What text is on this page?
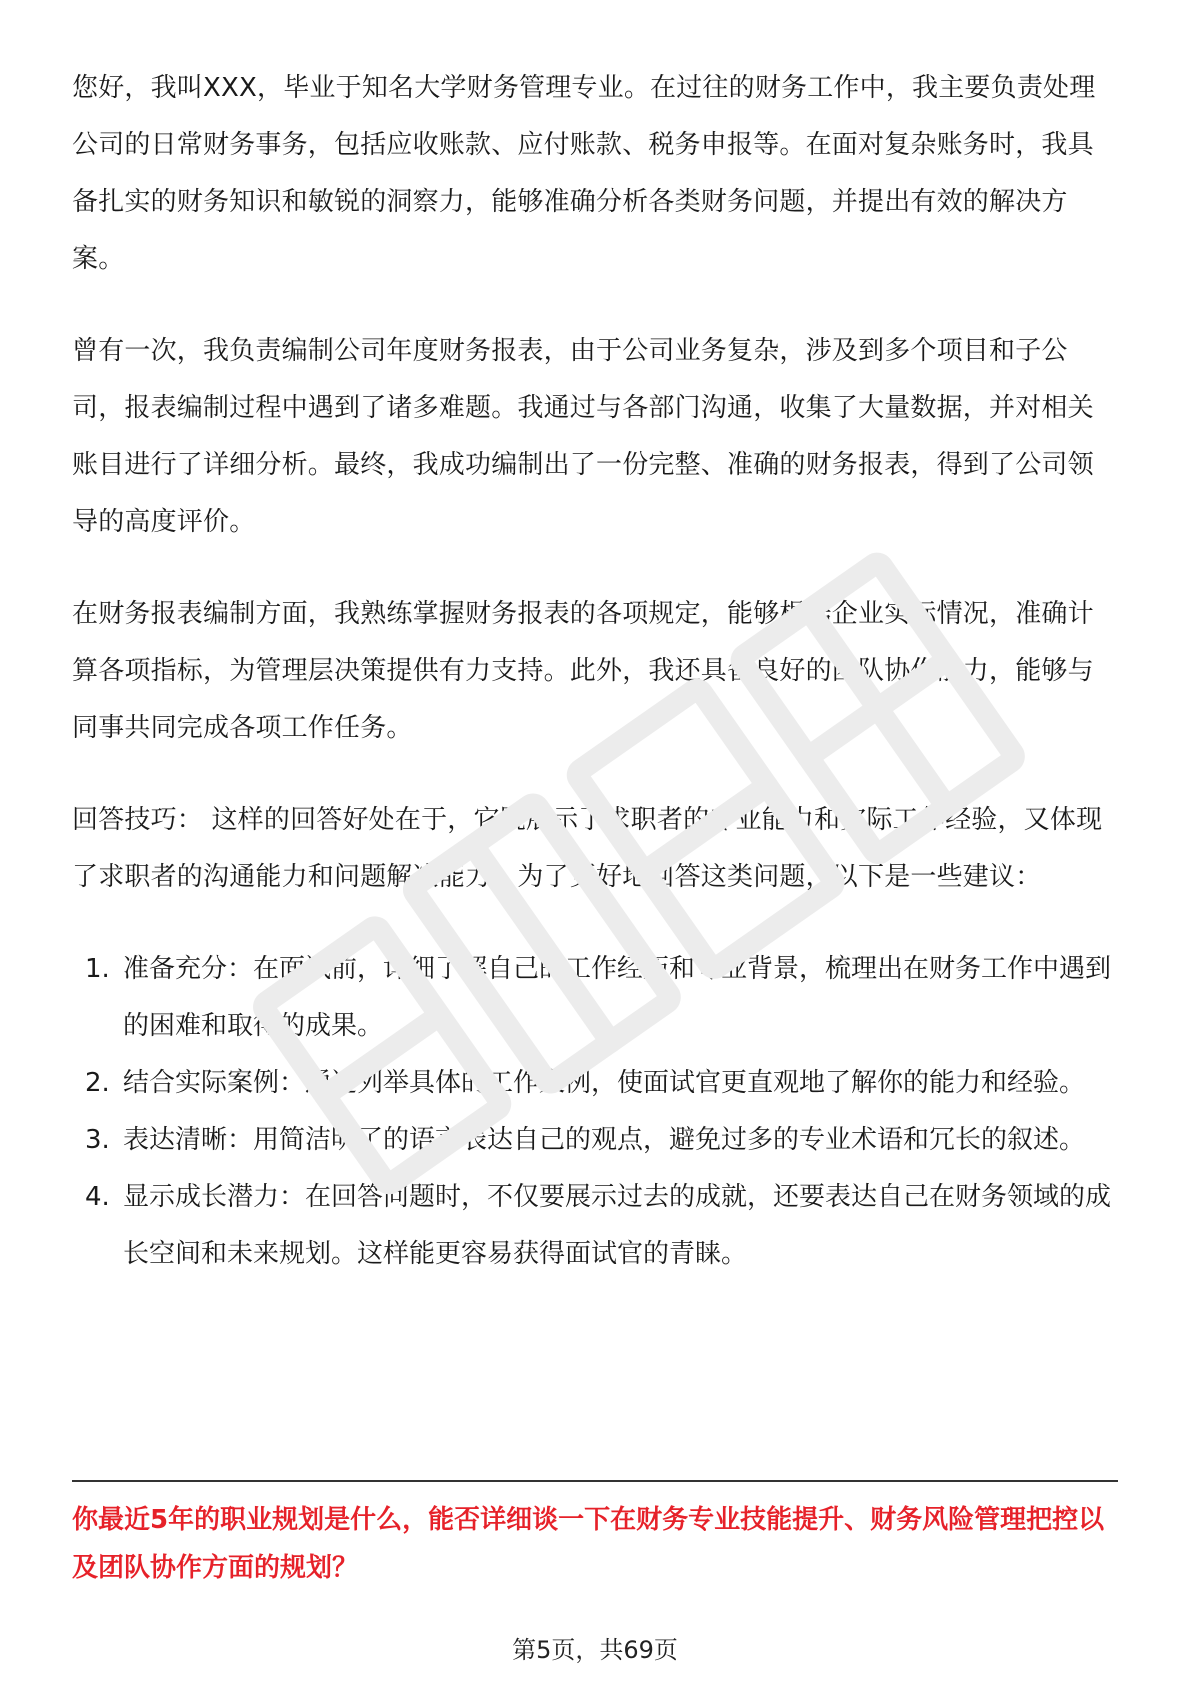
您好，我叫XXX，毕业于知名大学财务管理专业。在过往的财务工作中，我主要负责处理公司的日常财务事务，包括应收账款、应付账款、税务申报等。在面对复杂账务时，我具备扎实的财务知识和敏锐的洞察力，能够准确分析各类财务问题，并提出有效的解决方案。

曾有一次，我负责编制公司年度财务报表，由于公司业务复杂，涉及到多个项目和子公司，报表编制过程中遇到了诸多难题。我通过与各部门沟通，收集了大量数据，并对相关账目进行了详细分析。最终，我成功编制出了一份完整、准确的财务报表，得到了公司领导的高度评价。

在财务报表编制方面，我熟练掌握财务报表的各项规定，能够根据企业实际情况，准确计算各项指标，为管理层决策提供有力支持。此外，我还具备良好的团队协作能力，能够与同事共同完成各项工作任务。

回答技巧： 这样的回答好处在于，它既展示了求职者的专业能力和实际工作经验，又体现了求职者的沟通能力和问题解决能力。为了更好地回答这类问题，以下是一些建议：

1. 准备充分：在面试前，详细了解自己的工作经历和专业背景，梳理出在财务工作中遇到的困难和取得的成果。
2. 结合实际案例：通过列举具体的工作案例，使面试官更直观地了解你的能力和经验。
3. 表达清晰：用简洁明了的语言表达自己的观点，避免过多的专业术语和冗长的叙述。
4. 显示成长潜力：在回答问题时，不仅要展示过去的成就，还要表达自己在财务领域的成长空间和未来规划。这样能更容易获得面试官的青睐。
你最近5年的职业规划是什么，能否详细谈一下在财务专业技能提升、财务风险管理把控以及团队协作方面的规划？
第5页，共69页
